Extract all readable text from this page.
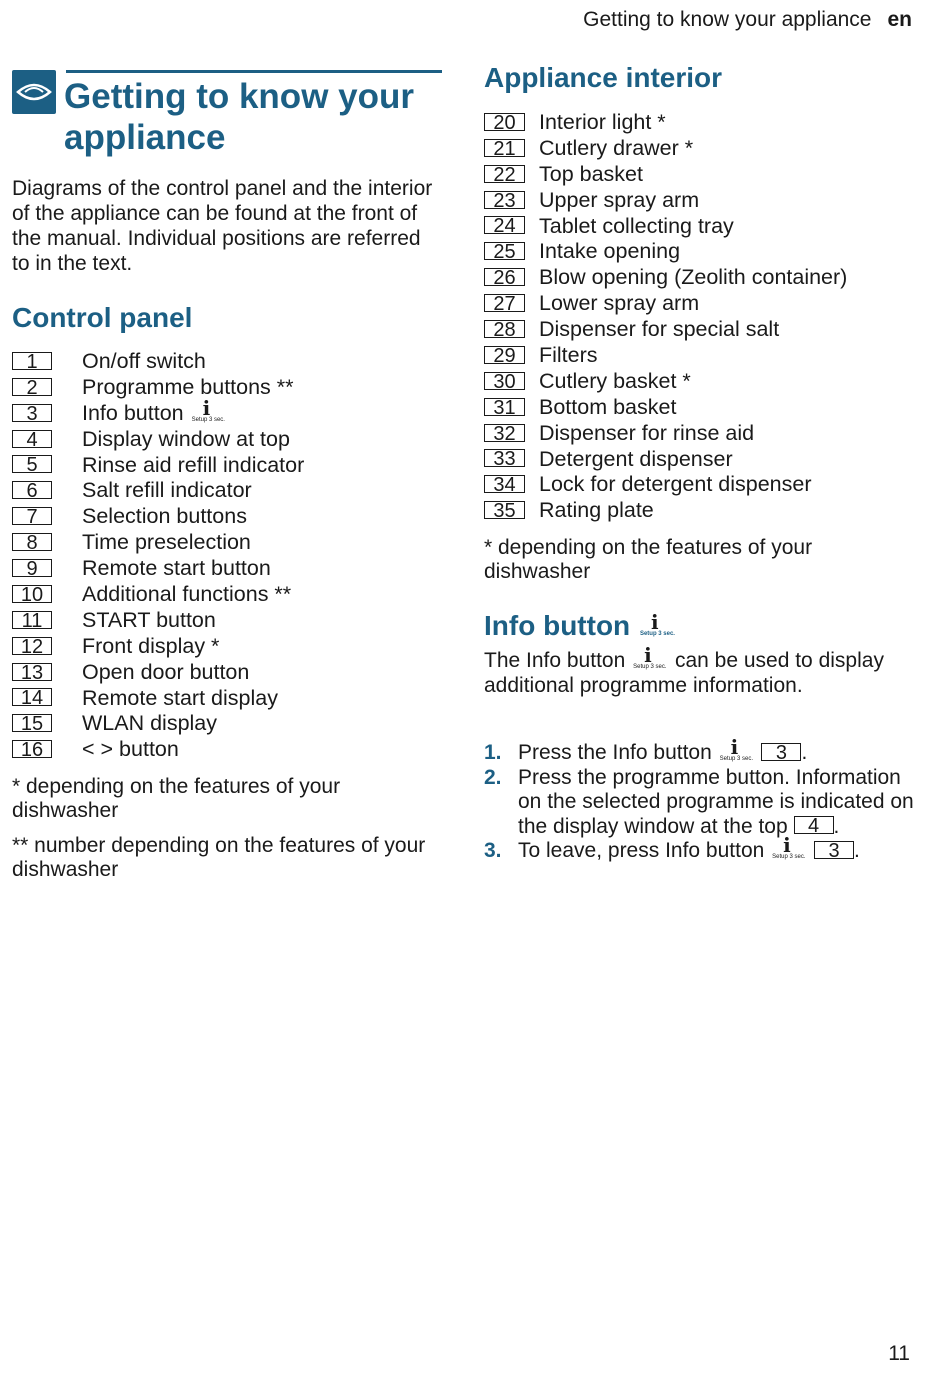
Getting to know your appliance en
Getting to know your appliance

Diagrams of the control panel and the interior of the appliance can be found at the front of the manual. Individual positions are referred to in the text.

Control panel
1 On/off switch
2 Programme buttons **
3 Info button i
Setup 3 sec.
4 Display window at top
5 Rinse aid refill indicator
6 Salt refill indicator
7 Selection buttons
8 Time preselection
9 Remote start button
10 Additional functions **
11 START button
12 Front display *
13 Open door button
14 Remote start display
15 WLAN display
16 < > button

* depending on the features of your dishwasher

** number depending on the features of your dishwasher

Appliance interior
20 Interior light *
21 Cutlery drawer *
22 Top basket
23 Upper spray arm
24 Tablet collecting tray
25 Intake opening
26 Blow opening (Zeolith container)
27 Lower spray arm
28 Dispenser for special salt
29 Filters
30 Cutlery basket *
31 Bottom basket
32 Dispenser for rinse aid
33 Detergent dispenser
34 Lock for detergent dispenser
35 Rating plate

* depending on the features of your dishwasher

Info button i
Setup 3 sec.

The Info button i
Setup 3 sec. can be used to display additional programme information.

1. Press the Info button i
Setup 3 sec. 3 .
2. Press the programme button. Information on the selected programme is indicated on the display window at the top 4 .
3. To leave, press Info button i
Setup 3 sec. 3 .
11
